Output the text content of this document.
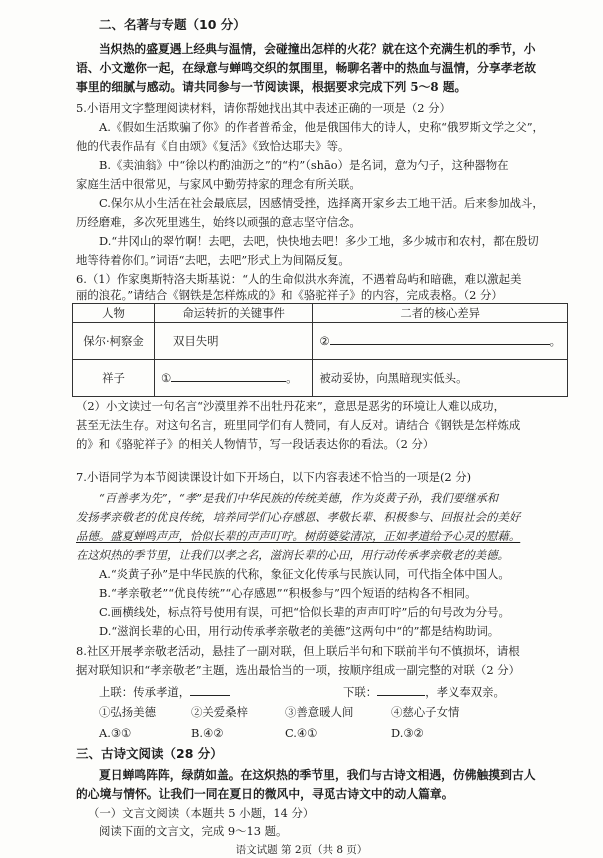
二、名著与专题（10 分）
当炽热的盛夏遇上经典与温情，会碰撞出怎样的火花？就在这个充满生机的季节，小
语、小文邀你一起，在绿意与蝉鸣交织的氛围里，畅聊名著中的热血与温情，分享孝老故
事里的细腻与感动。请共同参与一节阅读课，根据要求完成下列 5～8 题。
5.小语用文字整理阅读材料，请你帮她找出其中表述正确的一项是（2 分）
A.《假如生活欺骗了你》的作者普希金，他是俄国伟大的诗人，史称“俄罗斯文学之父”，
他的代表作品有《自由颂》《复活》《致恰达耶夫》等。
B.《卖油翁》中“徐以杓酌油沥之”的“杓”（shāo）是名词，意为勺子，这种器物在
家庭生活中很常见，与家风中勤劳持家的理念有所关联。
C.保尔从小生活在社会最底层，因感情受挫，选择离开家乡去工地干活。后来参加战斗，
历经磨难，多次死里逃生，始终以顽强的意志坚守信念。
D.“井冈山的翠竹啊！去吧，去吧，快快地去吧！多少工地，多少城市和农村，都在殷切
地等待着你们。”词语“去吧，去吧”形式上为间隔反复。
6.（1）作家奥斯特洛夫斯基说：“人的生命似洪水奔流，不遇着岛屿和暗礁，难以激起美
丽的浪花。”请结合《钢铁是怎样炼成的》和《骆驼祥子》的内容，完成表格。（2 分）
人物	命运转折的关键事件	二者的核心差异
保尔·柯察金	双目失明	② 。
祥子	① 。	被动妥协，向黑暗现实低头。
（2）小文读过一句名言“沙漠里养不出牡丹花来”，意思是恶劣的环境让人难以成功，
甚至无法生存。对这句名言，班里同学们有人赞同，有人反对。请结合《钢铁是怎样炼成
的》和《骆驼祥子》的相关人物情节，写一段话表达你的看法。（2 分）
7.小语同学为本节阅读课设计如下开场白，以下内容表述不恰当的一项是(2 分)
“百善孝为先”，“孝”是我们中华民族的传统美德，作为炎黄子孙，我们要继承和
发扬孝亲敬老的优良传统，培养同学们心存感恩、孝敬长辈、积极参与、回报社会的美好
品德。盛夏蝉鸣声声，恰似长辈的声声叮咛。树荫婆娑清凉，正如孝道给予心灵的慰藉。
在这炽热的季节里，让我们以孝之名，滋润长辈的心田，用行动传承孝亲敬老的美德。
A.“炎黄子孙”是中华民族的代称，象征文化传承与民族认同，可代指全体中国人。
B.“孝亲敬老”“优良传统”“心存感恩”“积极参与”四个短语的结构各不相同。
C.画横线处，标点符号使用有误，可把“恰似长辈的声声叮咛”后的句号改为分号。
D.“滋润长辈的心田，用行动传承孝亲敬老的美德”这两句中“的”都是结构助词。
8.社区开展孝亲敬老活动，悬挂了一副对联，但上联后半句和下联前半句不慎损坏，请根
据对联知识和“孝亲敬老”主题，选出最恰当的一项，按顺序组成一副完整的对联（2 分）
上联：传承孝道，	下联：	，孝义奉双亲。
①弘扬美德	②关爱桑梓	③善意暖人间	④慈心子女情
A.③①	B.④②	C.④①	D.③②
三、古诗文阅读（28 分）
夏日蝉鸣阵阵，绿荫如盖。在这炽热的季节里，我们与古诗文相遇，仿佛触摸到古人
的心境与情怀。让我们一同在夏日的微风中，寻觅古诗文中的动人篇章。
（一）文言文阅读（本题共 5 小题，14 分）
阅读下面的文言文，完成 9～13 题。
语文试题 第 2页（共 8 页）
